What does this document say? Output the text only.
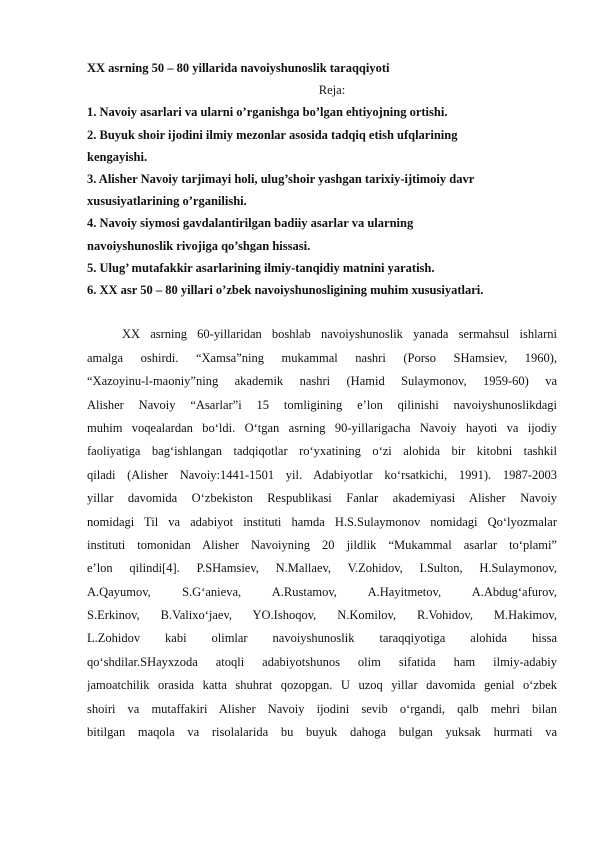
XX asrning 50 – 80 yillarida navoiyshunoslik taraqqiyoti
Reja:
1. Navoiy asarlari va ularni o’rganishga bo’lgan ehtiyojning ortishi.
2. Buyuk shoir ijodini ilmiy mezonlar asosida tadqiq etish ufqlarining
kengayishi.
3. Alisher Navoiy tarjimayi holi, ulug’shoir yashgan tarixiy-ijtimoiy davr
xususiyatlarining o’rganilishi.
4. Navoiy siymosi gavdalantirilgan badiiy asarlar va ularning
navoiyshunoslik rivojiga qo’shgan hissasi.
5. Ulug’ mutafakkir asarlarining ilmiy-tanqidiy matnini yaratish.
6. XX asr 50 – 80 yillari o’zbek navoiyshunosligining muhim xususiyatlari.
XX asrning 60-yillaridan boshlab navoiyshunoslik yanada sermahsul ishlarni
amalga oshirdi. “Xamsa”ning mukammal nashri (Porso SHamsiev, 1960),
“Xazoyinu-l-maoniy”ning akademik nashri (Hamid Sulaymonov, 1959-60) va
Alisher Navoiy “Asarlar”i 15 tomligining e’lon qilinishi navoiyshunoslikdagi
muhim voqealardan bo‘ldi. O‘tgan asrning 90-yillarigacha Navoiy hayoti va ijodiy
faoliyatiga bag‘ishlangan tadqiqotlar ro‘yxatining o‘zi alohida bir kitobni tashkil
qiladi (Alisher Navoiy:1441-1501 yil. Adabiyotlar ko‘rsatkichi, 1991). 1987-2003
yillar davomida O‘zbekiston Respublikasi Fanlar akademiyasi Alisher Navoiy
nomidagi Til va adabiyot instituti hamda H.S.Sulaymonov nomidagi Qo‘lyozmalar
instituti tomonidan Alisher Navoiyning 20 jildlik “Mukammal asarlar to‘plami”
e’lon qilindi[4]. P.SHamsiev, N.Mallaev, V.Zohidov, I.Sulton, H.Sulaymonov,
A.Qayumov, S.G‘anieva, A.Rustamov, A.Hayitmetov, A.Abdug‘afurov,
S.Erkinov, B.Valixo‘jaev, YO.Ishoqov, N.Komilov, R.Vohidov, M.Hakimov,
L.Zohidov kabi olimlar navoiyshunoslik taraqqiyotiga alohida hissa
qo‘shdilar.SHayxzoda atoqli adabiyotshunos olim sifatida ham ilmiy-adabiy
jamoatchilik orasida katta shuhrat qozopgan. U uzoq yillar davomida genial o‘zbek
shoiri va mutaffakiri Alisher Navoiy ijodini sevib o‘rgandi, qalb mehri bilan
bitilgan maqola va risolalarida bu buyuk dahoga bulgan yuksak hurmati va
